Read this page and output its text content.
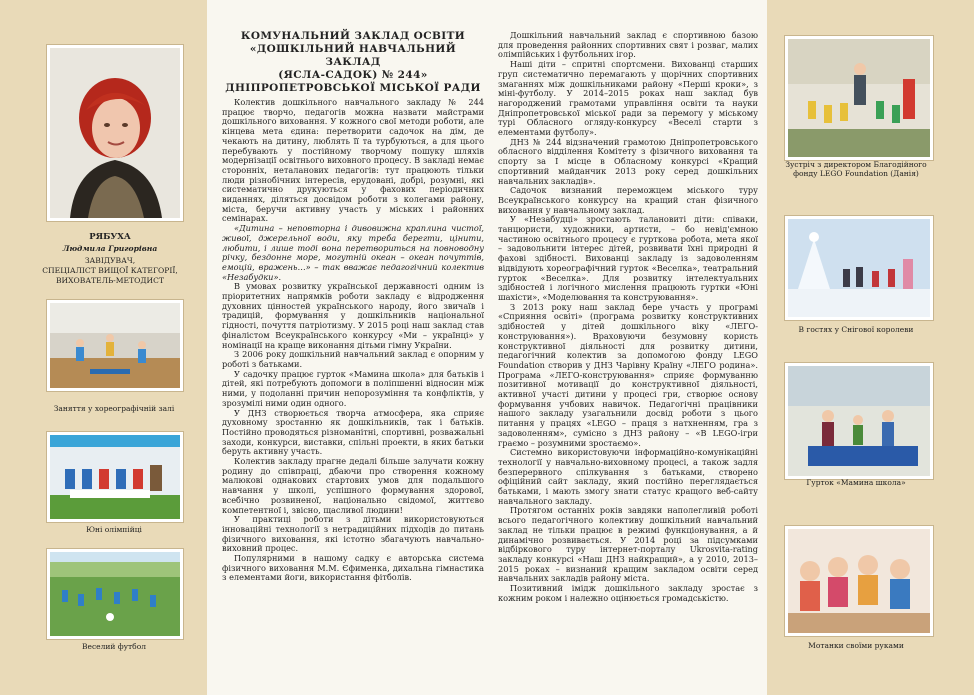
РЯБУХА
Людмила Григорівна
ЗАВІДУВАЧ,
СПЕЦІАЛІСТ ВИЩОЇ КАТЕГОРІЇ,
ВИХОВАТЕЛЬ-МЕТОДИСТ
Заняття у хореографічній залі
Юні олімпійці
Веселий футбол
КОМУНАЛЬНИЙ ЗАКЛАД ОСВІТИ
«ДОШКІЛЬНИЙ НАВЧАЛЬНИЙ ЗАКЛАД
(ЯСЛА-САДОК) № 244»
ДНІПРОПЕТРОВСЬКОЇ МІСЬКОЇ РАДИ

Колектив дошкільного навчального закладу № 244 працює творчо, педагогів можна назвати майстрами дошкільного виховання. У кожного свої методи роботи, але кінцева мета єдина: перетворити садочок на дім, де чекають на дитину, люблять її та турбуються, а для цього перебувають у постійному творчому пошуку шляхів модернізації освітнього виховного процесу. В закладі немає сторонніх, неталанових педагогів: тут працюють тільки люди різнобічних інтересів, ерудовані, добрі, розумні, які систематично друкуються у фахових періодичних виданнях, діляться досвідом роботи з колегами району, міста, беручи активну участь у міських і районних семінарах.

«Дитина – неповторна і дивовижна краплина чистої, живої, джерельної води, яку треба берегти, цінити, любити, і лише тоді вона перетвориться на повноводну річку, бездонне море, могутній океан – океан почуттів, емоцій, вражень…» – так вважає педагогічний колектив «Незабудки».

В умовах розвитку української державності одним із пріоритетних напрямків роботи закладу є відродження духовних цінностей українського народу, його звичаїв і традицій, формування у дошкільників національної гідності, почуття патріотизму. У 2015 році наш заклад став фіналістом Всеукраїнського конкурсу «Ми – українці» у номінації на краще виконання дітьми гімну України.

З 2006 року дошкільний навчальний заклад є опорним у роботі з батьками.

У садочку працює гурток «Мамина школа» для батьків і дітей, які потребують допомоги в поліпшенні відносин між ними, у подоланні причин непорозуміння та конфліктів, у зрозумілі ними один одного.

У ДНЗ створюється творча атмосфера, яка сприяє духовному зростанню як дошкільників, так і батьків. Постійно проводяться різноманітні, спортивні, розважальні заходи, конкурси, виставки, спільні проекти, в яких батьки беруть активну участь.

Колектив закладу прагне дедалі більше залучати кожну родину до співпраці, дбаючи про створення кожному малюкові однакових стартових умов для подальшого навчання у школі, успішного формування здорової, всебічно розвиненої, національно свідомої, життєво компетентної і, звісно, щасливої людини!

У практиці роботи з дітьми використовуються інноваційні технології з нетрадиційних підходів до питань фізичного виховання, які істотно збагачують навчально-виховний процес.

Популярними в нашому садку є авторська система фізичного виховання М.М. Єфименка, дихальна гімнастика з елементами йоги, використання фітболів.

Дошкільний навчальний заклад є спортивною базою для проведення районних спортивних свят і розваг, малих олімпійських і футбольних ігор.

Наші діти – спритні спортсмени. Вихованці старших груп систематично перемагають у щорічних спортивних змаганнях між дошкільниками району «Перші кроки», з міні-футболу. У 2014–2015 роках наш заклад був нагороджений грамотами управління освіти та науки Дніпропетровської міської ради за перемогу у міському турі Обласного огляду-конкурсу «Веселі старти з елементами футболу».

ДНЗ № 244 відзначений грамотою Дніпропетровського обласного відділення Комітету з фізичного виховання та спорту за І місце в Обласному конкурсі «Кращий спортивний майданчик 2013 року серед дошкільних навчальних закладів».

Садочок визнаний переможцем міського туру Всеукраїнського конкурсу на кращий стан фізичного виховання у навчальному заклад.

У «Незабудці» зростають талановиті діти: співаки, танцюристи, художники, артисти, – бо невід'ємною частиною освітнього процесу є гурткова робота, мета якої – задовольнити інтерес дітей, розвивати їхні природні й фахові здібності. Вихованці закладу із задоволенням відвідують хореографічний гурток «Веселка», театральний гурток «Веселка». Для розвитку інтелектуальних здібностей і логічного мислення працюють гуртки «Юні шахісти», «Моделювання та конструювання».

З 2013 року наш заклад бере участь у програмі «Сприяння освіті» (програма розвитку конструктивних здібностей у дітей дошкільного віку «ЛЕГО-конструювання»). Враховуючи безумовну користь конструктивної діяльності для розвитку дитини, педагогічний колектив за допомогою фонду LEGO Foundation створив у ДНЗ Чарівну Країну «ЛЕГО родина». Програма «ЛЕГО-конструювання» сприяє формуванню позитивної мотивації до конструктивної діяльності, активної участі дитини у процесі гри, створює основу формування учбових навичок. Педагогічні працівники нашого закладу узагальнили досвід роботи з цього питання у працях «LEGO – праця з натхненням, гра з задоволенням», сумісно з ДНЗ району – «В LEGO-ігри граємо – розумними зростаємо».

Системно використовуючи інформаційно-комунікаційні технології у навчально-виховному процесі, а також задля безперервного спілкування з батьками, створено офіційний сайт закладу, який постійно переглядається батьками, і мають змогу знати статус кращого веб-сайту навчального закладу.

Протягом останніх років завдяки наполегливій роботі всього педагогічного колективу дошкільний навчальний заклад не тільки працює в режимі функціонування, а й динамічно розвивається. У 2014 році за підсумками відбіркового туру інтернет-порталу Ukrosvita-rating закладу конкурсі «Наш ДНЗ найкращий», а у 2010, 2013–2015 роках – визнаний кращим закладом освіти серед навчальних закладів району міста.

Позитивний імідж дошкільного закладу зростає з кожним роком і належно оцінюється громадськістю.

Зустріч з директором Благодійного фонду LEGO Foundation (Данія)
В гостях у Снігової королеви
Гурток «Мамина школа»
Мотанки своїми руками
